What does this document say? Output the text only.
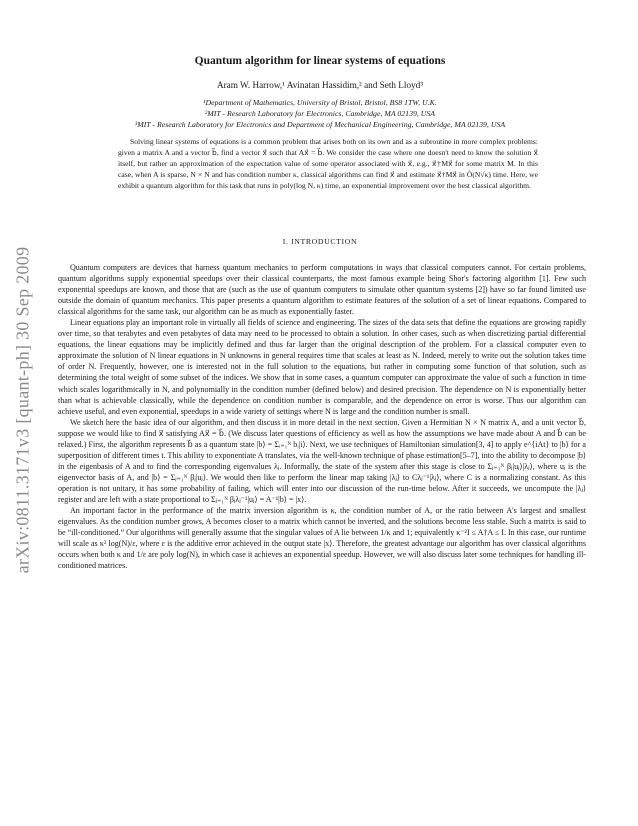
arXiv:0811.3171v3 [quant-ph] 30 Sep 2009
Quantum algorithm for linear systems of equations
Aram W. Harrow,¹ Avinatan Hassidim,² and Seth Lloyd³
¹Department of Mathematics, University of Bristol, Bristol, BS8 1TW, U.K.
²MIT - Research Laboratory for Electronics, Cambridge, MA 02139, USA
³MIT - Research Laboratory for Electronics and Department of Mechanical Engineering, Cambridge, MA 02139, USA
Solving linear systems of equations is a common problem that arises both on its own and as a subroutine in more complex problems: given a matrix A and a vector b⃗, find a vector x⃗ such that Ax⃗ = b⃗. We consider the case where one doesn't need to know the solution x⃗ itself, but rather an approximation of the expectation value of some operator associated with x⃗, e.g., x⃗†Mx⃗ for some matrix M. In this case, when A is sparse, N × N and has condition number κ, classical algorithms can find x⃗ and estimate x⃗†Mx⃗ in Õ(N√κ) time. Here, we exhibit a quantum algorithm for this task that runs in poly(log N, κ) time, an exponential improvement over the best classical algorithm.
I. INTRODUCTION

Quantum computers are devices that harness quantum mechanics to perform computations in ways that classical computers cannot. For certain problems, quantum algorithms supply exponential speedups over their classical counterparts, the most famous example being Shor's factoring algorithm [1]. Few such exponential speedups are known, and those that are (such as the use of quantum computers to simulate other quantum systems [2]) have so far found limited use outside the domain of quantum mechanics. This paper presents a quantum algorithm to estimate features of the solution of a set of linear equations. Compared to classical algorithms for the same task, our algorithm can be as much as exponentially faster.

Linear equations play an important role in virtually all fields of science and engineering. The sizes of the data sets that define the equations are growing rapidly over time, so that terabytes and even petabytes of data may need to be processed to obtain a solution. In other cases, such as when discretizing partial differential equations, the linear equations may be implicitly defined and thus far larger than the original description of the problem. For a classical computer even to approximate the solution of N linear equations in N unknowns in general requires time that scales at least as N. Indeed, merely to write out the solution takes time of order N. Frequently, however, one is interested not in the full solution to the equations, but rather in computing some function of that solution, such as determining the total weight of some subset of the indices. We show that in some cases, a quantum computer can approximate the value of such a function in time which scales logarithmically in N, and polynomially in the condition number (defined below) and desired precision. The dependence on N is exponentially better than what is achievable classically, while the dependence on condition number is comparable, and the dependence on error is worse. Thus our algorithm can achieve useful, and even exponential, speedups in a wide variety of settings where N is large and the condition number is small.

We sketch here the basic idea of our algorithm, and then discuss it in more detail in the next section. Given a Hermitian N × N matrix A, and a unit vector b⃗, suppose we would like to find x⃗ satisfying Ax⃗ = b⃗. (We discuss later questions of efficiency as well as how the assumptions we have made about A and b⃗ can be relaxed.) First, the algorithm represents b⃗ as a quantum state |b⟩ = Σᵢ₌₁ᴺ bᵢ|i⟩. Next, we use techniques of Hamiltonian simulation[3, 4] to apply e^{iAt} to |b⟩ for a superposition of different times t. This ability to exponentiate A translates, via the well-known technique of phase estimation[5–7], into the ability to decompose |b⟩ in the eigenbasis of A and to find the corresponding eigenvalues λⱼ. Informally, the state of the system after this stage is close to Σⱼ₌₁ᴺ βⱼ|uⱼ⟩|λⱼ⟩, where uⱼ is the eigenvector basis of A, and |b⟩ = Σⱼ₌₁ᴺ βⱼ|uⱼ⟩. We would then like to perform the linear map taking |λⱼ⟩ to Cλⱼ⁻¹|λⱼ⟩, where C is a normalizing constant. As this operation is not unitary, it has some probability of failing, which will enter into our discussion of the run-time below. After it succeeds, we uncompute the |λⱼ⟩ register and are left with a state proportional to Σⱼ₌₁ᴺ βⱼλⱼ⁻¹|uⱼ⟩ = A⁻¹|b⟩ = |x⟩.

An important factor in the performance of the matrix inversion algorithm is κ, the condition number of A, or the ratio between A's largest and smallest eigenvalues. As the condition number grows, A becomes closer to a matrix which cannot be inverted, and the solutions become less stable. Such a matrix is said to be “ill-conditioned.” Our algorithms will generally assume that the singular values of A lie between 1/κ and 1; equivalently κ⁻²I ≤ A†A ≤ I. In this case, our runtime will scale as κ² log(N)/ε, where ε is the additive error achieved in the output state |x⟩. Therefore, the greatest advantage our algorithm has over classical algorithms occurs when both κ and 1/ε are poly log(N), in which case it achieves an exponential speedup. However, we will also discuss later some techniques for handling ill-conditioned matrices.
